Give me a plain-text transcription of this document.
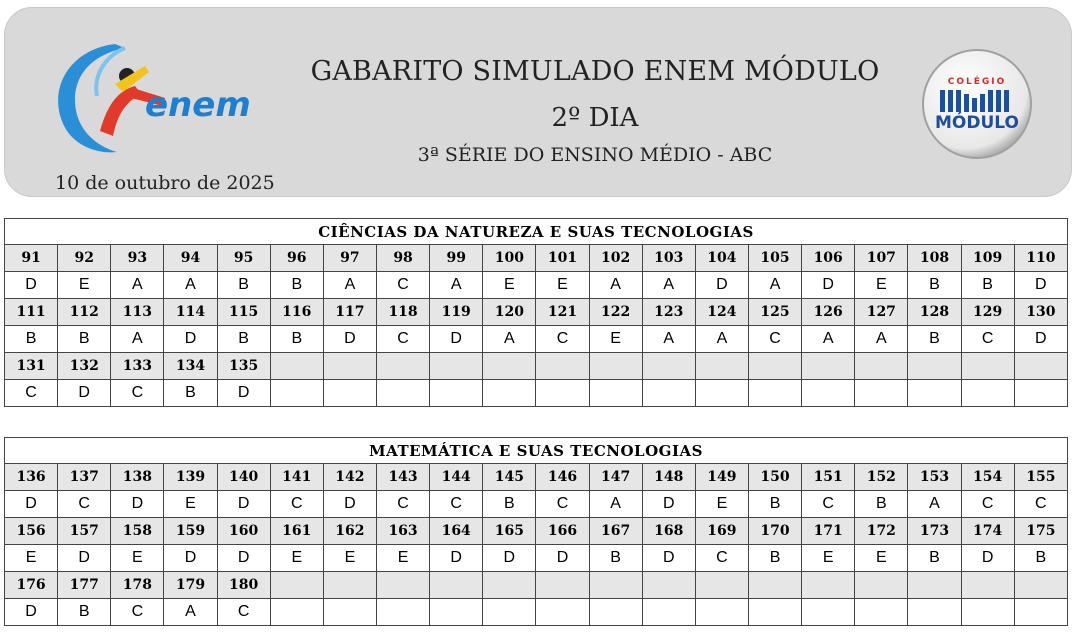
enem
GABARITO SIMULADO ENEM MÓDULO
2º DIA
3ª SÉRIE DO ENSINO MÉDIO - ABC
10 de outubro de 2025
COLÉGIO
MÓDULO
CIÊNCIAS DA NATUREZA E SUAS TECNOLOGIAS																			
91	92	93	94	95	96	97	98	99	100	101	102	103	104	105	106	107	108	109	110
D	E	A	A	B	B	A	C	A	E	E	A	A	D	A	D	E	B	B	D
111	112	113	114	115	116	117	118	119	120	121	122	123	124	125	126	127	128	129	130
B	B	A	D	B	B	D	C	D	A	C	E	A	A	C	A	A	B	C	D
131	132	133	134	135															
C	D	C	B	D															
MATEMÁTICA E SUAS TECNOLOGIAS																			
136	137	138	139	140	141	142	143	144	145	146	147	148	149	150	151	152	153	154	155
D	C	D	E	D	C	D	C	C	B	C	A	D	E	B	C	B	A	C	C
156	157	158	159	160	161	162	163	164	165	166	167	168	169	170	171	172	173	174	175
E	D	E	D	D	E	E	E	D	D	D	B	D	C	B	E	E	B	D	B
176	177	178	179	180															
D	B	C	A	C															
